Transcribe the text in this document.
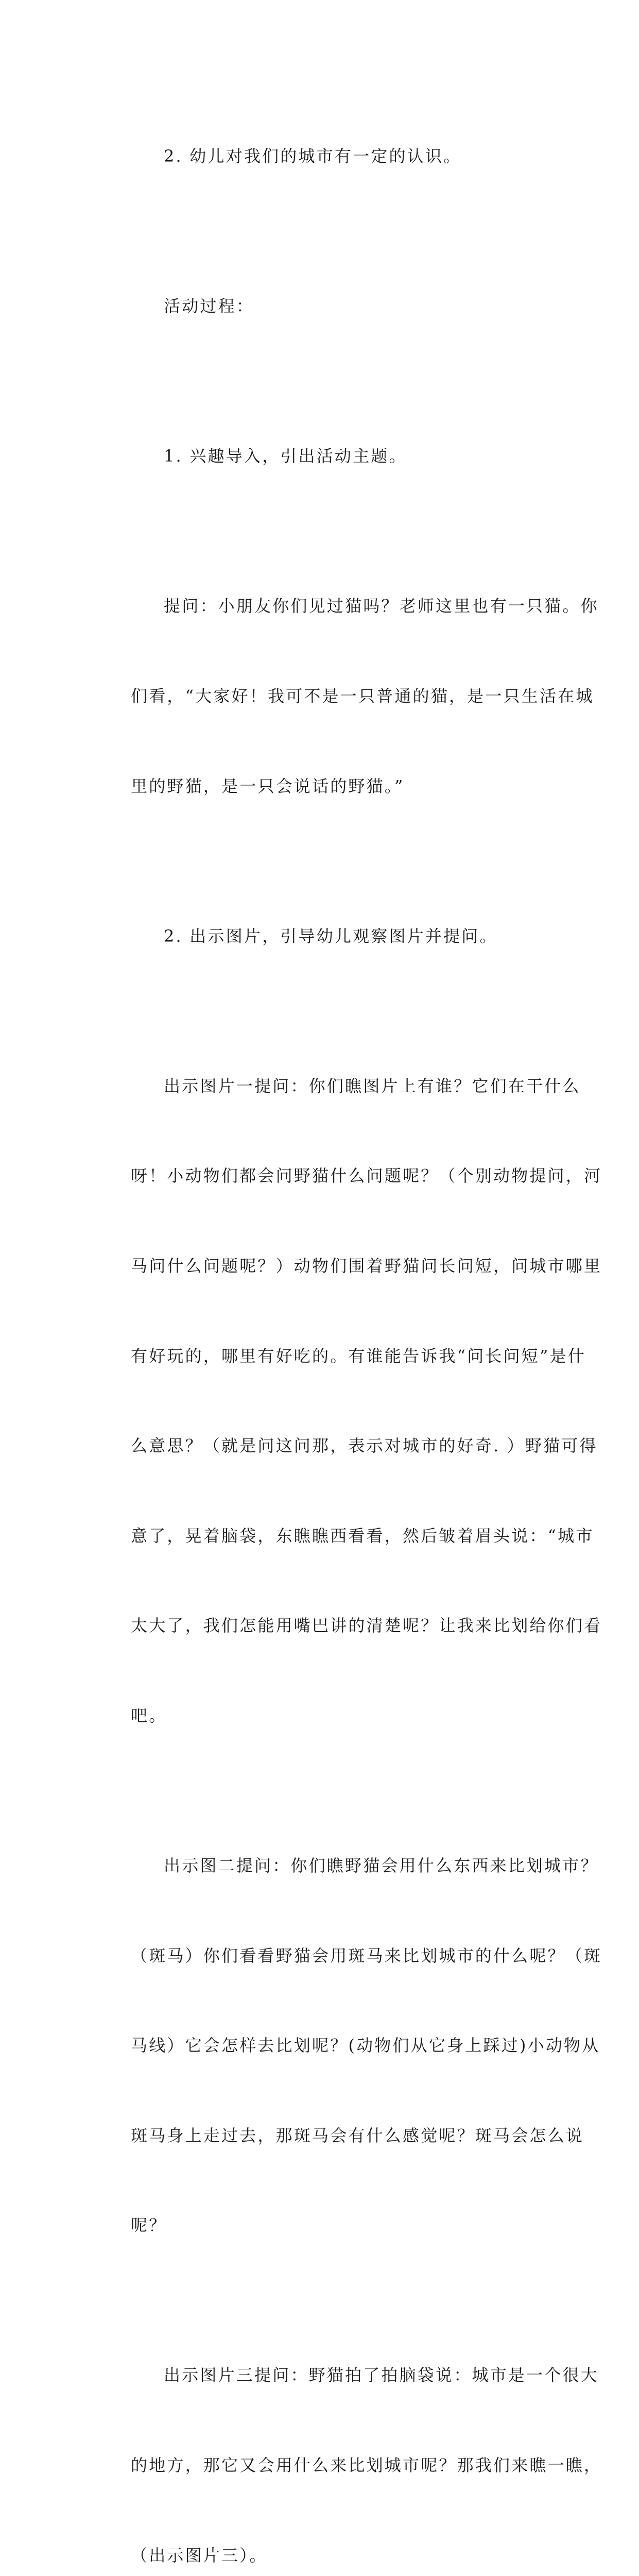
2. 幼儿对我们的城市有一定的认识。

活动过程：

1. 兴趣导入，引出活动主题。

提问：小朋友你们见过猫吗？老师这里也有一只猫。你

们看，“大家好！我可不是一只普通的猫，是一只生活在城

里的野猫，是一只会说话的野猫。”

2. 出示图片，引导幼儿观察图片并提问。

出示图片一提问：你们瞧图片上有谁？它们在干什么

呀！小动物们都会问野猫什么问题呢？（个别动物提问，河

马问什么问题呢？）动物们围着野猫问长问短，问城市哪里

有好玩的，哪里有好吃的。有谁能告诉我“问长问短”是什

么意思？（就是问这问那，表示对城市的好奇. ）野猫可得

意了，晃着脑袋，东瞧瞧西看看，然后皱着眉头说：“城市

太大了，我们怎能用嘴巴讲的清楚呢？让我来比划给你们看

吧。

出示图二提问：你们瞧野猫会用什么东西来比划城市？

（斑马）你们看看野猫会用斑马来比划城市的什么呢？（斑

马线）它会怎样去比划呢？(动物们从它身上踩过)小动物从

斑马身上走过去，那斑马会有什么感觉呢？斑马会怎么说

呢？

出示图片三提问：野猫拍了拍脑袋说：城市是一个很大

的地方，那它又会用什么来比划城市呢？那我们来瞧一瞧，

（出示图片三）。
